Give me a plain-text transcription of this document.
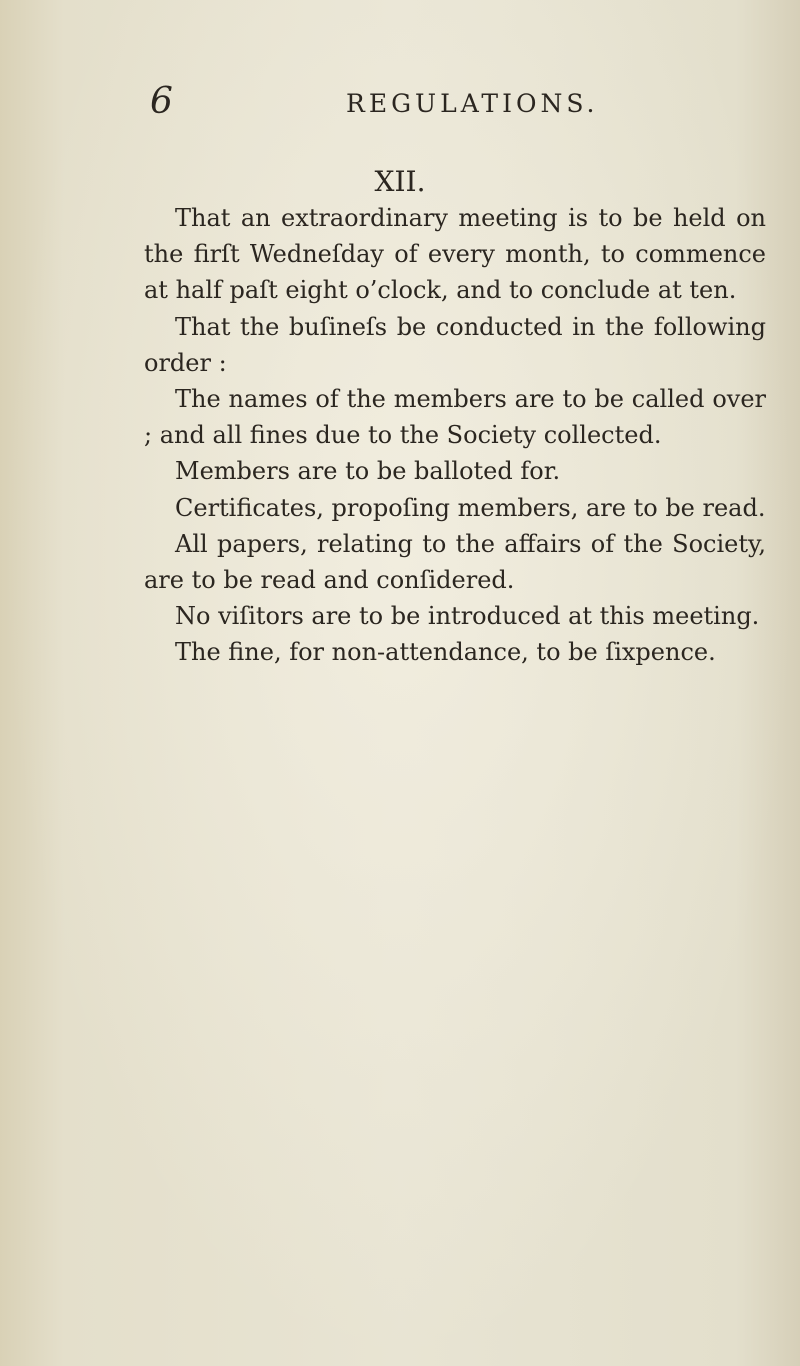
6	REGULATIONS.
XII.

That an extraordinary meeting is to be held on the firſt Wedneſday of every month, to commence at half paſt eight o’clock, and to conclude at ten.

That the buſineſs be conducted in the following order :

The names of the members are to be called over ; and all fines due to the Society collected.

Members are to be balloted for.

Certificates, propoſing members, are to be read.

All papers, relating to the affairs of the Society, are to be read and conſidered.

No viſitors are to be introduced at this meeting.

The fine, for non-attendance, to be ſixpence.
